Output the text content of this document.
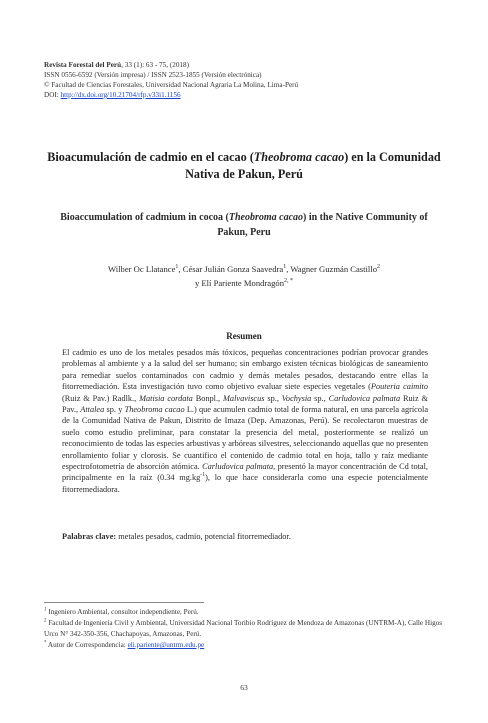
Revista Forestal del Perú, 33 (1): 63 - 75, (2018)
ISSN 0556-6592 (Versión impresa) / ISSN 2523-1855 (Versión electrónica)
© Facultad de Ciencias Forestales, Universidad Nacional Agraria La Molina, Lima-Perú
DOI: http://dx.doi.org/10.21704/rfp.v33i1.1156
Bioacumulación de cadmio en el cacao (Theobroma cacao) en la Comunidad Nativa de Pakun, Perú
Bioaccumulation of cadmium in cocoa (Theobroma cacao) in the Native Community of Pakun, Peru
Wilber Oc Llatance$^1$, César Julián Gonza Saavedra$^1$, Wagner Guzmán Castillo$^2$
y Elí Pariente Mondragón$^{2, *}$
Resumen
El cadmio es uno de los metales pesados más tóxicos, pequeñas concentraciones podrían provocar grandes problemas al ambiente y a la salud del ser humano; sin embargo existen técnicas biológicas de saneamiento para remediar suelos contaminados con cadmio y demás metales pesados, destacando entre ellas la fitorremediación. Esta investigación tuvo como objetivo evaluar siete especies vegetales (Pouteria caimito (Ruiz & Pav.) Radlk., Matisia cordata Bonpl., Malvaviscus sp., Vochysia sp., Carludovica palmata Ruiz & Pav., Attalea sp. y Theobroma cacao L.) que acumulen cadmio total de forma natural, en una parcela agrícola de la Comunidad Nativa de Pakun, Distrito de Imaza (Dep. Amazonas, Perú). Se recolectaron muestras de suelo como estudio preliminar, para constatar la presencia del metal, posteriormente se realizó un reconocimiento de todas las especies arbustivas y arbóreas silvestres, seleccionando aquellas que no presenten enrollamiento foliar y clorosis. Se cuantifico el contenido de cadmio total en hoja, tallo y raíz mediante espectrofotometría de absorción atómica. Carludovica palmata, presentó la mayor concentración de Cd total, principalmente en la raíz (0.34 $mg.kg^{-1}$), lo que hace considerarla como una especie potencialmente fitorremediadora.
Palabras clave: metales pesados, cadmio, potencial fitorremediador.
$^1$ Ingeniero Ambiental, consultor independiente, Perú.
$^2$ Facultad de Ingeniería Civil y Ambiental, Universidad Nacional Toribio Rodríguez de Mendoza de Amazonas (UNTRM-A), Calle Higos Urco N° 342-350-356, Chachapoyas, Amazonas, Perú.
* Autor de Correspondencia: eli.pariente@untrm.edu.pe
63
